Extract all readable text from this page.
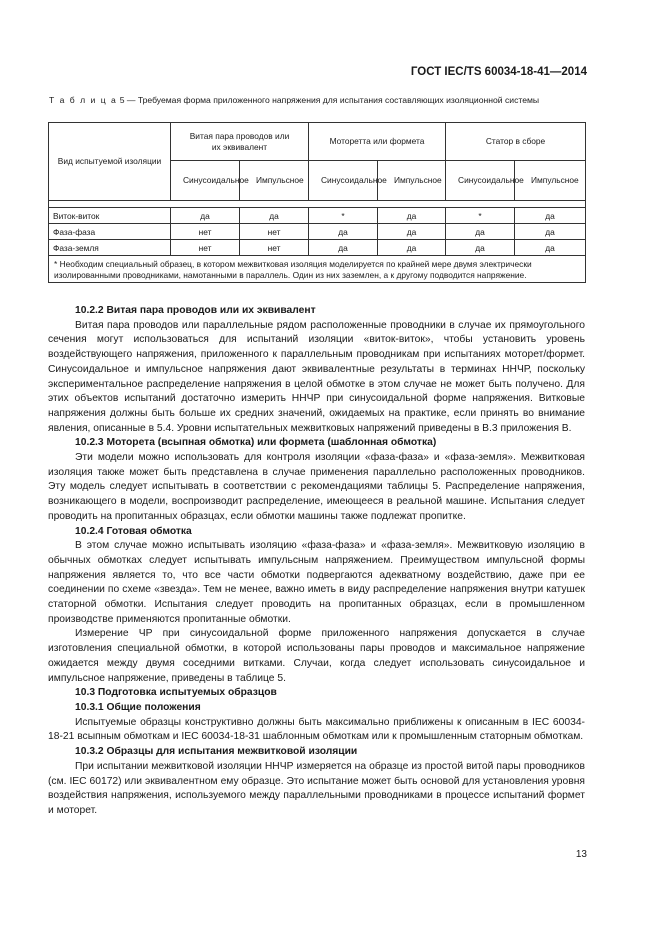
ГОСТ IEC/TS 60034-18-41—2014
Т а б л и ц а 5 — Требуемая форма приложенного напряжения для испытания составляющих изоляционной системы
Вид испытуемой изоляции	Витая пара проводов или их эквивалент		Моторетта или формета		Статор в сборе	
	Синусоидальное	Импульсное	Синусоидальное	Импульсное	Синусоидальное	Импульсное

Виток-виток	да	да	*	да	*	да
Фаза-фаза	нет	нет	да	да	да	да
Фаза-земля	нет	нет	да	да	да	да
* Необходим специальный образец, в котором межвитковая изоляция моделируется по крайней мере двумя электрически изолированными проводниками, намотанными в параллель. Один из них заземлен, а к другому подводится напряжение.						

10.2.2 Витая пара проводов или их эквивалент

Витая пара проводов или параллельные рядом расположенные проводники в случае их прямоугольного сечения могут использоваться для испытаний изоляции «виток-виток», чтобы установить уровень воздействующего напряжения, приложенного к параллельным проводникам при испытаниях моторет/формет. Синусоидальное и импульсное напряжения дают эквивалентные результаты в терминах ННЧР, поскольку экспериментальное распределение напряжения в целой обмотке в этом случае не может быть получено. Для этих объектов испытаний достаточно измерить ННЧР при синусоидальной форме напряжения. Витковые напряжения должны быть больше их средних значений, ожидаемых на практике, если принять во внимание явления, описанные в 5.4. Уровни испытательных межвитковых напряжений приведены в В.3 приложения В.

10.2.3 Моторета (всыпная обмотка) или формета (шаблонная обмотка)

Эти модели можно использовать для контроля изоляции «фаза-фаза» и «фаза-земля». Межвитковая изоляция также может быть представлена в случае применения параллельно расположенных проводников. Эту модель следует испытывать в соответствии с рекомендациями таблицы 5. Распределение напряжения, возникающего в модели, воспроизводит распределение, имеющееся в реальной машине. Испытания следует проводить на пропитанных образцах, если обмотки машины также подлежат пропитке.

10.2.4 Готовая обмотка

В этом случае можно испытывать изоляцию «фаза-фаза» и «фаза-земля». Межвитковую изоляцию в обычных обмотках следует испытывать импульсным напряжением. Преимуществом импульсной формы напряжения является то, что все части обмотки подвергаются адекватному воздействию, даже при ее соединении по схеме «звезда». Тем не менее, важно иметь в виду распределение напряжения внутри катушек статорной обмотки. Испытания следует проводить на пропитанных образцах, если в промышленном производстве применяются пропитанные обмотки.

Измерение ЧР при синусоидальной форме приложенного напряжения допускается в случае изготовления специальной обмотки, в которой использованы пары проводов и максимальное напряжение ожидается между двумя соседними витками. Случаи, когда следует использовать синусоидальное и импульсное напряжение, приведены в таблице 5.

10.3 Подготовка испытуемых образцов

10.3.1 Общие положения

Испытуемые образцы конструктивно должны быть максимально приближены к описанным в IEC 60034-18-21 всыпным обмоткам и IEC 60034-18-31 шаблонным обмоткам или к промышленным статорным обмоткам.

10.3.2 Образцы для испытания межвитковой изоляции

При испытании межвитковой изоляции ННЧР измеряется на образце из простой витой пары проводников (см. IEC 60172) или эквивалентном ему образце. Это испытание может быть основой для установления уровня воздействия напряжения, используемого между параллельными проводниками в процессе испытаний формет и моторет.

13
